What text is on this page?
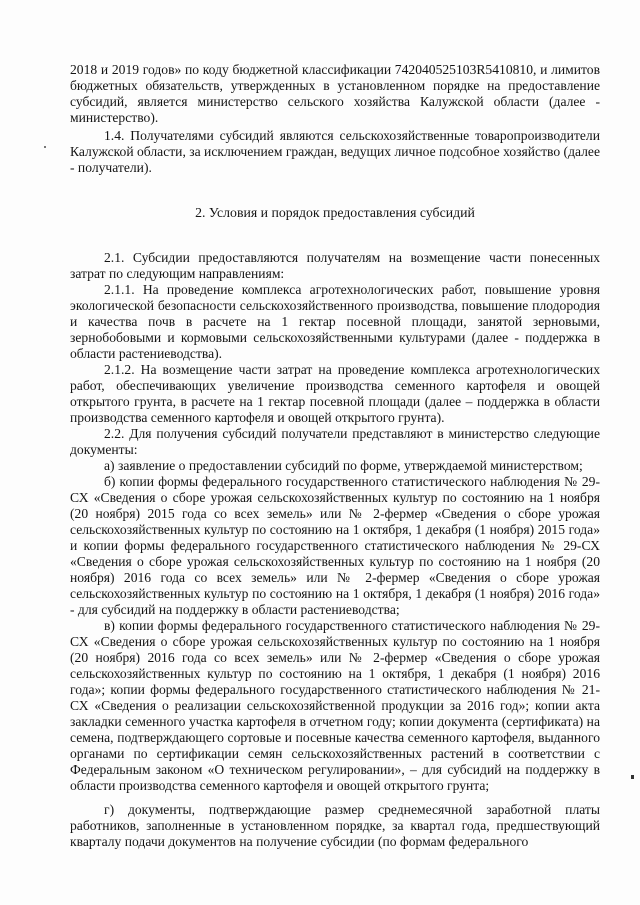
2018 и 2019 годов» по коду бюджетной классификации 742040525103R5410810, и лимитов бюджетных обязательств, утвержденных в установленном порядке на предоставление субсидий, является министерство сельского хозяйства Калужской области (далее - министерство).

1.4. Получателями субсидий являются сельскохозяйственные товаропроизводители Калужской области, за исключением граждан, ведущих личное подсобное хозяйство (далее - получатели).

2. Условия и порядок предоставления субсидий

2.1. Субсидии предоставляются получателям на возмещение части понесенных затрат по следующим направлениям:

2.1.1. На проведение комплекса агротехнологических работ, повышение уровня экологической безопасности сельскохозяйственного производства, повышение плодородия и качества почв в расчете на 1 гектар посевной площади, занятой зерновыми, зернобобовыми и кормовыми сельскохозяйственными культурами (далее - поддержка в области растениеводства).

2.1.2. На возмещение части затрат на проведение комплекса агротехнологических работ, обеспечивающих увеличение производства семенного картофеля и овощей открытого грунта, в расчете на 1 гектар посевной площади (далее – поддержка в области производства семенного картофеля и овощей открытого грунта).

2.2. Для получения субсидий получатели представляют в министерство следующие документы:

а) заявление о предоставлении субсидий по форме, утверждаемой министерством;

б) копии формы федерального государственного статистического наблюдения № 29-СХ «Сведения о сборе урожая сельскохозяйственных культур по состоянию на 1 ноября (20 ноября) 2015 года со всех земель» или № 2-фермер «Сведения о сборе урожая сельскохозяйственных культур по состоянию на 1 октября, 1 декабря (1 ноября) 2015 года» и копии формы федерального государственного статистического наблюдения № 29-СХ «Сведения о сборе урожая сельскохозяйственных культур по состоянию на 1 ноября (20 ноября) 2016 года со всех земель» или № 2-фермер «Сведения о сборе урожая сельскохозяйственных культур по состоянию на 1 октября, 1 декабря (1 ноября) 2016 года» - для субсидий на поддержку в области растениеводства;

в) копии формы федерального государственного статистического наблюдения № 29-СХ «Сведения о сборе урожая сельскохозяйственных культур по состоянию на 1 ноября (20 ноября) 2016 года со всех земель» или № 2-фермер «Сведения о сборе урожая сельскохозяйственных культур по состоянию на 1 октября, 1 декабря (1 ноября) 2016 года»; копии формы федерального государственного статистического наблюдения № 21-СХ «Сведения о реализации сельскохозяйственной продукции за 2016 год»; копии акта закладки семенного участка картофеля в отчетном году; копии документа (сертификата) на семена, подтверждающего сортовые и посевные качества семенного картофеля, выданного органами по сертификации семян сельскохозяйственных растений в соответствии с Федеральным законом «О техническом регулировании», – для субсидий на поддержку в области производства семенного картофеля и овощей открытого грунта;

г) документы, подтверждающие размер среднемесячной заработной платы работников, заполненные в установленном порядке, за квартал года, предшествующий кварталу подачи документов на получение субсидии (по формам федерального
